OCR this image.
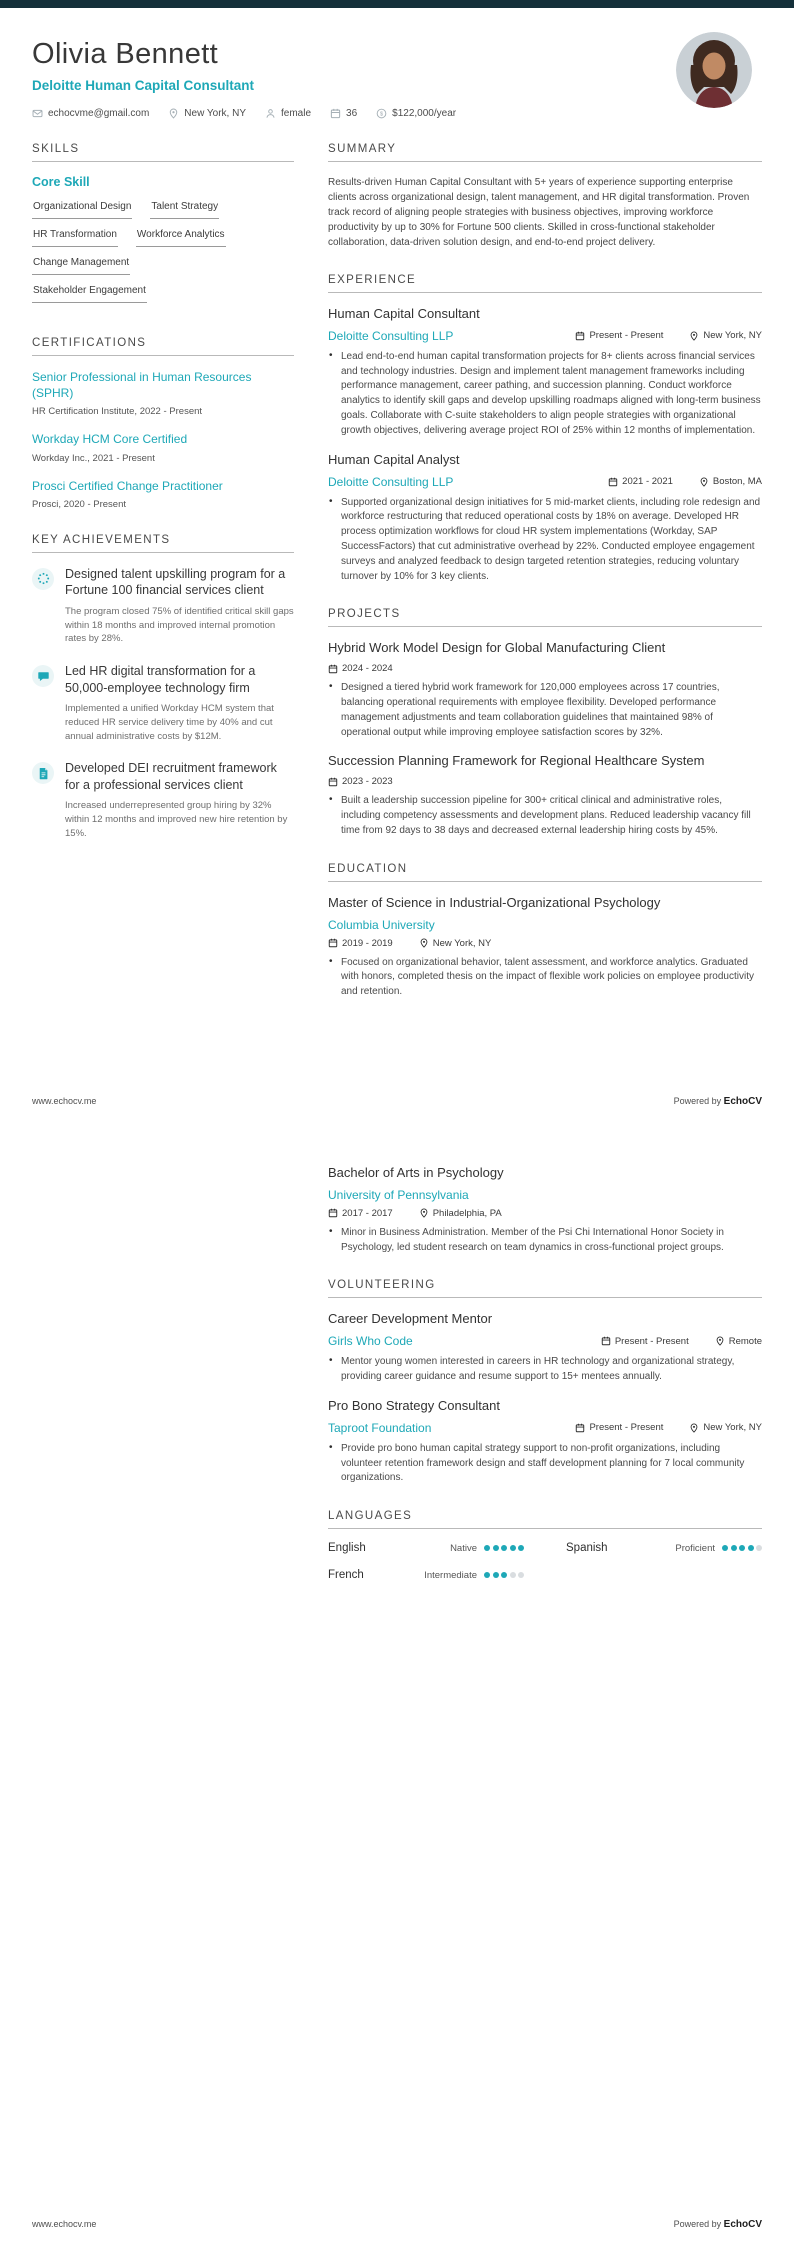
Olivia Bennett
Deloitte Human Capital Consultant
echocvme@gmail.com	New York, NY	female	36	$122,000/year
SKILLS
Core Skill
Organizational Design Talent Strategy
HR Transformation Workforce Analytics
Change Management
Stakeholder Engagement
CERTIFICATIONS
Senior Professional in Human Resources (SPHR)
HR Certification Institute, 2022 - Present
Workday HCM Core Certified
Workday Inc., 2021 - Present
Prosci Certified Change Practitioner
Prosci, 2020 - Present
KEY ACHIEVEMENTS
Designed talent upskilling program for a Fortune 100 financial services client
The program closed 75% of identified critical skill gaps within 18 months and improved internal promotion rates by 28%.
Led HR digital transformation for a 50,000-employee technology firm
Implemented a unified Workday HCM system that reduced HR service delivery time by 40% and cut annual administrative costs by $12M.
Developed DEI recruitment framework for a professional services client
Increased underrepresented group hiring by 32% within 12 months and improved new hire retention by 15%.
SUMMARY

Results-driven Human Capital Consultant with 5+ years of experience supporting enterprise clients across organizational design, talent management, and HR digital transformation. Proven track record of aligning people strategies with business objectives, improving workforce productivity by up to 30% for Fortune 500 clients. Skilled in cross-functional stakeholder collaboration, data-driven solution design, and end-to-end project delivery.

EXPERIENCE
Human Capital Consultant
Deloitte Consulting LLP	Present - Present	New York, NY
• Lead end-to-end human capital transformation projects for 8+ clients across financial services and technology industries. Design and implement talent management frameworks including performance management, career pathing, and succession planning. Conduct workforce analytics to identify skill gaps and develop upskilling roadmaps aligned with long-term business goals. Collaborate with C-suite stakeholders to align people strategies with organizational growth objectives, delivering average project ROI of 25% within 12 months of implementation.
Human Capital Analyst
Deloitte Consulting LLP	2021 - 2021	Boston, MA
• Supported organizational design initiatives for 5 mid-market clients, including role redesign and workforce restructuring that reduced operational costs by 18% on average. Developed HR process optimization workflows for cloud HR system implementations (Workday, SAP SuccessFactors) that cut administrative overhead by 22%. Conducted employee engagement surveys and analyzed feedback to design targeted retention strategies, reducing voluntary turnover by 10% for 3 key clients.
PROJECTS
Hybrid Work Model Design for Global Manufacturing Client
2024 - 2024
• Designed a tiered hybrid work framework for 120,000 employees across 17 countries, balancing operational requirements with employee flexibility. Developed performance management adjustments and team collaboration guidelines that maintained 98% of operational output while improving employee satisfaction scores by 32%.
Succession Planning Framework for Regional Healthcare System
2023 - 2023
• Built a leadership succession pipeline for 300+ critical clinical and administrative roles, including competency assessments and development plans. Reduced leadership vacancy fill time from 92 days to 38 days and decreased external leadership hiring costs by 45%.
EDUCATION
Master of Science in Industrial-Organizational Psychology
Columbia University
2019 - 2019	New York, NY
• Focused on organizational behavior, talent assessment, and workforce analytics. Graduated with honors, completed thesis on the impact of flexible work policies on employee productivity and retention.
www.echocv.me	Powered by EchoCV
Bachelor of Arts in Psychology
University of Pennsylvania
2017 - 2017	Philadelphia, PA
• Minor in Business Administration. Member of the Psi Chi International Honor Society in Psychology, led student research on team dynamics in cross-functional project groups.
VOLUNTEERING
Career Development Mentor
Girls Who Code	Present - Present	Remote
• Mentor young women interested in careers in HR technology and organizational strategy, providing career guidance and resume support to 15+ mentees annually.
Pro Bono Strategy Consultant
Taproot Foundation	Present - Present	New York, NY
• Provide pro bono human capital strategy support to non-profit organizations, including volunteer retention framework design and staff development planning for 7 local community organizations.
LANGUAGES
English	Native	Spanish	Proficient
French	Intermediate
www.echocv.me	Powered by EchoCV
